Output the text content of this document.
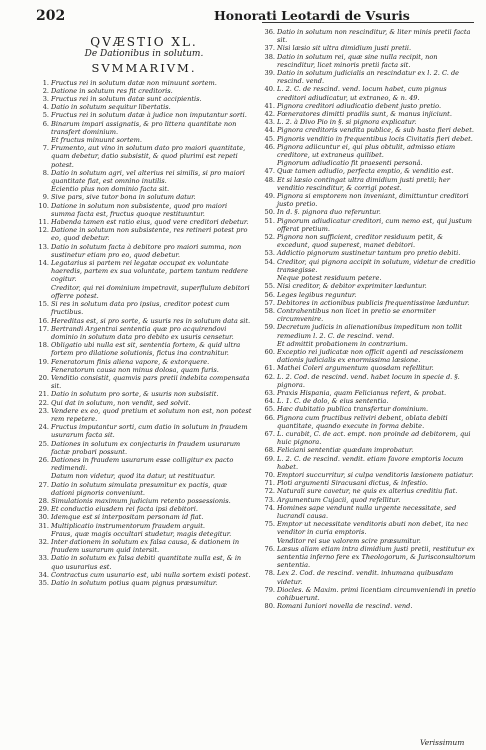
202	Honorati Leotardi de Vsuris
QVÆSTIO XL.
De Dationibus in solutum.
SVMMARIVM.
1. Fructus rei in solutum datæ non minuunt sortem.
2. Datione in solutum res fit creditoris.
3. Fructus rei in solutum datæ sunt accipientis.
4. Datio in solutum sequitur libertatis.
5. Fructus rei in solutum datæ à judice non imputantur sorti.
6. Binarum impari assignatis, & pro littera quantitate non transfert dominium.
Et fructus minuunt sortem.
7. Frumento, aut vino in solutum dato pro maiori quantitate, quam debetur, datio subsistit, & quod plurimi est repeti potest.
8. Datio in solutum agri, vel alterius rei similis, si pro maiori quantitate fiat, est omnino inutilis.
Ecientio plus non dominio facta sit.
9. Sive pars, sive tutor bona in solutum datur.
10. Datione in solutum non subsistente, quod pro maiori summa facta est, fructus quoque restituuntur.
11. Habenda tamen est ratio eius, quod vere creditori debetur.
12. Datione in solutum non subsistente, res retineri potest pro eo, quod debetur.
13. Datio in solutum facta à debitore pro maiori summa, non sustinetur etiam pro eo, quod debetur.
14. Legatarius si partem rei legatæ occupat ex voluntate haeredis, partem ex sua voluntate, partem tantum reddere cogitur.
Creditor, qui rei dominium impetravit, superflulum debitori offerre potest.
15. Si res in solutum data pro ipsius, creditor potest cum fructibus.
16. Hereditas est, si pro sorte, & usuris res in solutum data sit.
17. Bertrandi Argentrai sententia quæ pro acquirendovi dominio in solutum data pro debito ex usuris censetur.
18. Obligatio ubi nulla est sit, sententia fortem, & quid ultra fortem pro dilatione solutionis, fictus ina contrahitur.
19. Feneratorum finis aliena vapore, & extorquere.
Feneratorum causa non minus dolosa, quam furis.
20. Venditio consistit, quamvis pars pretii indebita compensata sit.
21. Datio in solutum pro sorte, & usuris non subsistit.
22. Qui dat in solutum, non vendit, sed solvit.
23. Vendere ex eo, quod pretium et solutum non est, non potest rem repetere.
24. Fructus imputantur sorti, cum datio in solutum in fraudem usurarum facta sit.
25. Dationes in solutum ex conjecturis in fraudem usurarum factæ probari possunt.
26. Dationes in fraudem usurarum esse colligitur ex pacto redimendi.
Datum non videtur, quod ita datur, ut restituatur.
27. Datio in solutum simulata presumitur ex pactis, quæ dationi pignoris conveniunt.
28. Simulationis maximum judicium retento possessionis.
29. Et conductio eiusdem rei facta ipsi debitori.
30. Idemque est si interpositam personam id fiat.
31. Multiplicatio instrumentorum fraudem arguit.
Fraus, quæ magis occultari studetur, magis detegitur.
32. Inter dationem in solutum ex falsa causa, & dationem in fraudem usurarum quid intersit.
33. Datio in solutum ex falsa debiti quantitate nulla est, & in quo usurarius est.
34. Contractus cum usurario est, ubi nulla sortem existi potest.
35. Datio in solutum potius quam pignus præsumitur.
36. Datio in solutum non rescinditur, & liter minis pretii facta sit.
37. Nisi læsio sit ultra dimidium justi pretii.
38. Datio in solutum rei, quæ sine nulla recipit, non rescinditur, licet minoris pretii facta sit.
39. Datio in solutum judicialis an rescindatur ex l. 2. C. de rescind. vend.
40. L. 2. C. de rescind. vend. locum habet, cum pignus creditori adiudicatur, ut extraneo, & n. 49.
41. Pignora creditori adiudicatio debent justo pretio.
42. Fœneratores dimitti pradiis sunt, & manus injiciunt.
43. L. 2. à Divo Pio in §. si pignora explicatur.
44. Pignora creditoris vendita publice, & sub hasta fieri debet.
45. Pignoris venditio in frequentibus locis Civitatis fieri debet.
46. Pignora adiicuntur ei, qui plus obtulit, admisso etiam creditore, ut extraneus quilibet.
Pignorum adiudicatio fit praesenti personâ.
47. Quæ tamen adiudio, perfecta emptio, & venditio est.
48. Et si læsio contingat ultra dimidium justi pretii; her venditio rescinditur, & corrigi potest.
49. Pignora si emptorem non inveniant, dimittuntur creditori justo pretio.
50. In d. §. pignora duo referuntur.
51. Pignorum adiudicatur creditori, cum nemo est, qui justum offerat pretium.
52. Pignora non sufficient, creditor residuum petit, & excedunt, quod superest, manet debitori.
53. Addictio pignorum sustinetur tantum pro pretio debiti.
54. Creditor, qui pignora accipit in solutum, videtur de creditio transegisse.
Neque potest residuum petere.
55. Nisi creditor, & debitor exprimiter læduntur.
56. Leges legibus reguntur.
57. Debitores in actionibus publicis frequentissime læduntur.
58. Contrahentibus non licet in pretio se enormiter circumvenire.
59. Decretum judicis in alienationibus impeditum non tollit remedium l. 2. C. de rescind. vend.
Et admittit probationem in contrarium.
60. Exceptio rei judicatæ non officit agenti ad rescissionem dationis judicialis ex enormissima læsione.
61. Mathei Coleri argumentum quosdam refellitur.
62. L. 2. Cod. de rescind. vend. habet locum in specie d. §. pignora.
63. Praxis Hispania, quam Felicianus refert, & probat.
64. L. 1. C. de dolo, & eius sententia.
65. Hæc dubitatio publica transfertur dominium.
66. Pignora cum fructibus reliviri debent, oblata debiti quantitate, quando execute in forma debite.
67. L. curabit, C. de act. empt. non proinde ad debitorem, qui huic pignora.
68. Feliciani sententiæ quædam improbatur.
69. L. 2. C. de rescind. vendit. etiam favore emptoris locum habet.
70. Emptori succurritur, si culpa venditoris læsionem patiatur.
71. Ploti argumenti Siracusani dictus, & infestio.
72. Naturali sure cavetur, ne quis ex alterius creditiu fiat.
73. Argumentum Cujacii, quod refellitur.
74. Homines sape vendunt nulla urgente necessitate, sed lucrandi causa.
75. Emptor ut necessitate venditoris abuti non debet, ita nec venditor in curia emptoris.
Venditor rei sue valorem scire præsumitur.
76. Læsus aliam etiam intra dimidium justi pretii, restitutur ex sententia inferno fere ex Theologorum, & Jurisconsultorum sententia.
78. Lex 2. Cod. de rescind. vendit. inhumana quibusdam videtur.
79. Diocles. & Maxim. primi licentiam circumveniendi in pretio cohibuerunt.
80. Romani Iuniori novella de rescind. vend.
Verissimum
